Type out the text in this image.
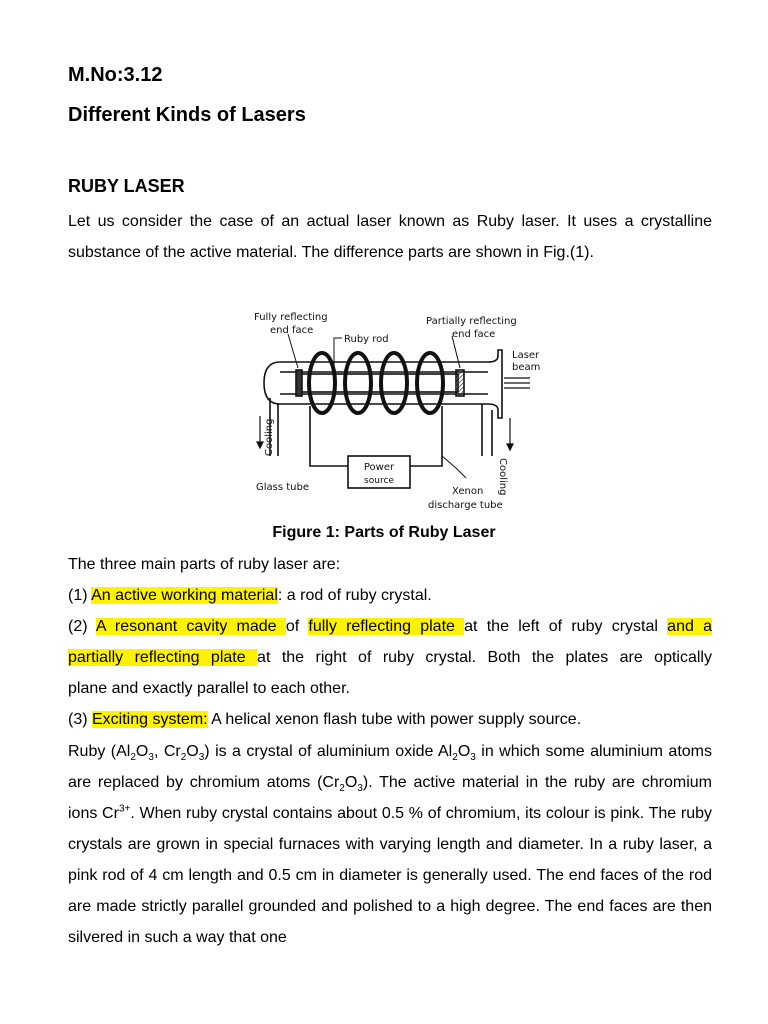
M.No:3.12
Different Kinds of Lasers
RUBY LASER
Let us consider the case of an actual laser known as Ruby laser. It uses a crystalline substance of the active material. The difference parts are shown in Fig.(1).
Power
source
Fully reflecting
end face
Ruby rod
Partially reflecting
end face
Laser
beam
Cooling
Cooling
Glass tube	Xenon
discharge tube
Figure 1: Parts of Ruby Laser
The three main parts of ruby laser are:
(1) An active working material: a rod of ruby crystal.
(2) A resonant cavity made of fully reflecting plate at the left of ruby crystal and a
partially reflecting plate at the right of ruby crystal. Both the plates are optically
plane and exactly parallel to each other.
(3) Exciting system: A helical xenon flash tube with power supply source.
Ruby ($Al_2O_3$, $Cr_2O_3$) is a crystal of aluminium oxide $Al_2O_3$ in which some aluminium atoms are replaced by chromium atoms $(Cr_2O_3)$. The active material in the ruby are chromium ions $Cr^{3+}$. When ruby crystal contains about 0.5 % of chromium, its colour is pink. The ruby crystals are grown in special furnaces with varying length and diameter. In a ruby laser, a pink rod of 4 cm length and 0.5 cm in diameter is generally used. The end faces of the rod are made strictly parallel grounded and polished to a high degree. The end faces are then silvered in such a way that one
